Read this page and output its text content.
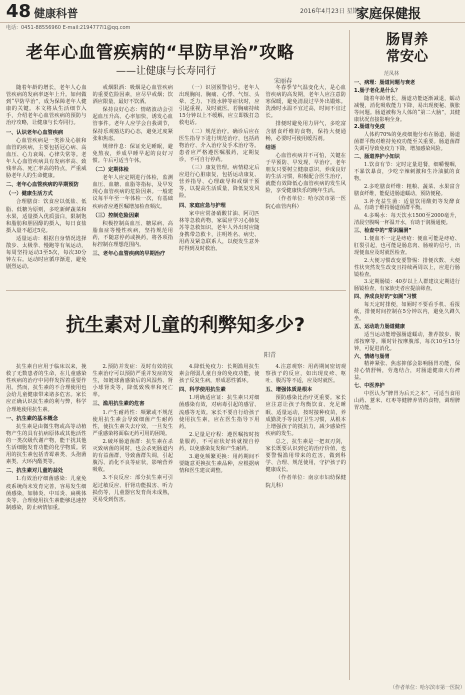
48 健康科普	2016年4月23日 星期五
家庭保健报
电话：0451-88556960 E-mail:2194777l1@qq.com
老年心血管疾病的“早防早治”攻略
——让健康与长寿同行
宋丽春

随着年龄的增长，老年人心血管疾病的发病率逐年上升。如何做到“早防早治”，成为保障老年人健康的关键。本文将从生活细节入手，介绍老年心血管疾病的预防与治疗攻略，让健康与长寿同行。

一、认识老年心血管疾病

心血管疾病是一类涉及心脏和血管的疾病，主要包括冠心病、高血压、心力衰竭、心律失常等。老年人心血管疾病具有发病率高、致残率高、死亡率高的特点，严重威胁老年人的生命健康。

二、老年心血管疾病的早期预防

（一）健康生活方式

合理膳食：饮食应以低盐、低脂、低糖为原则，多吃新鲜蔬菜和水果，适量摄入优质蛋白，限制饱和脂肪和胆固醇的摄入，每日食盐摄入量不超过5克。

适量运动：根据自身情况选择散步、太极拳、慢跑等有氧运动，每周坚持运动3至5次，每次30分钟左右。运动时应循序渐进，避免剧烈运动。

戒烟限酒：吸烟是心血管疾病的重要危险因素，应尽早戒烟；饮酒应限量，最好不饮酒。

保持良好心态：情绪波动会引起血压升高、心率加快，诱发心血管事件。老年人应学会自我调节，保持乐观豁达的心态，避免过度紧张和焦虑。

规律作息：保证充足睡眠，避免熬夜，养成早睡早起的良好习惯。午后可适当午休。

（二）定期体检

老年人应定期进行体检，监测血压、血糖、血脂等指标，及早发现心血管疾病的危险因素。一般建议每半年至一年体检一次，有基础疾病者应遵医嘱增加检查频次。

（三）控制危险因素

积极控制高血压、糖尿病、高脂血症等慢性疾病，坚持规范用药，不随意停药或换药，将各项指标控制在理想范围内。

三、老年心血管疾病的早期治疗

（一）识别预警信号。老年人出现胸闷、胸痛、心悸、气短、头晕、乏力、下肢水肿等症状时，应引起重视，及时就医。若胸痛持续15分钟以上不缓解，应立即拨打急救电话。

（二）规范治疗。确诊后应在医生指导下进行规范治疗，包括药物治疗、介入治疗及手术治疗等。患者应严格遵医嘱服药，定期复诊，不可自行停药。

（三）康复管理。病情稳定后应进行心脏康复，包括运动康复、营养指导、心理疏导和戒烟干预等，以提高生活质量，降低复发风险。

四、家庭应急与护理

家中应常备硝酸甘油、阿司匹林等急救药物，家属应学习心肺复苏等急救知识。老年人外出时应随身携带急救卡，注明姓名、病史、用药及紧急联系人，以便发生意外时得到及时救治。

冬春季节气温变化大，是心血管疾病的高发期，老年人应注意防寒保暖，避免清晨过早外出锻炼。洗澡时水温不宜过高，时间不宜过长。

排便时避免用力屏气，多吃富含膳食纤维的食物，保持大便通畅，必要时可使用缓泻剂。

结语

心血管疾病并不可怕，关键在于早预防、早发现、早治疗。老年朋友只要树立健康意识，养成良好的生活习惯，积极配合医生治疗，就能有效降低心血管疾病的发生风险，享受健康快乐的晚年生活。

（作者单位：哈尔滨市第一医院心血管内科）

抗生素对儿童的利弊知多少?
阳青

抗生素自应用于临床以来，挽救了无数患者的生命，在儿童感染性疾病的治疗中同样发挥着重要作用。然而，抗生素的不合理使用也会给儿童健康带来诸多危害。家长应正确认识抗生素的利与弊，科学合理地使用抗生素。

一、抗生素的基本概念

抗生素是由微生物或高等动植物产生的具有抗病原体或其他活性的一类次级代谢产物，能干扰其他生活细胞发育功能的化学物质。常用的抗生素包括青霉素类、头孢菌素类、大环内酯类等。

二、抗生素对儿童的益处

1.有效治疗细菌感染：儿童免疫系统尚未发育完善，容易发生细菌感染，如肺炎、中耳炎、扁桃体炎等。合理使用抗生素能够迅速控制感染，防止病情加重。

2.预防并发症：及时有效的抗生素治疗可以预防严重并发症的发生，如链球菌感染后的风湿热、肾小球肾炎等，降低致残率和死亡率。

三、滥用抗生素的危害

1.产生耐药性：频繁或不规范使用抗生素会导致细菌产生耐药性，使抗生素失去疗效，一旦发生严重感染将面临无药可用的困境。

2.破坏肠道菌群：抗生素在杀灭致病菌的同时，也会杀死肠道内的有益菌群，导致菌群失调，引起腹泻、消化不良等症状，影响营养吸收。

3.不良反应：部分抗生素可引起过敏反应、肝肾功能损害、听力损伤等，儿童器官发育尚未成熟，更易受到伤害。

4.降低免疫力：长期滥用抗生素会削弱儿童自身的免疫功能，使孩子反复生病，形成恶性循环。

四、科学使用抗生素

1.明确适应证：抗生素只对细菌感染有效，对病毒引起的感冒、流感等无效。家长不要自行给孩子使用抗生素，应在医生指导下用药。

2.足量足疗程：遵医嘱按时按量服药，不可症状好转就擅自停药，以免感染复发和产生耐药。

3.避免频繁更换：用药期间不要随意更换抗生素品种，应根据病情和医生建议调整。

4.注意观察：用药期间密切观察孩子的反应，如出现皮疹、呕吐、腹泻等不适，应及时就医。

五、增强体质是根本

预防感染比治疗更重要。家长应注意让孩子均衡饮食、充足睡眠、适量运动，按时接种疫苗，养成勤洗手等良好卫生习惯，从根本上增强孩子的抵抗力，减少感染性疾病的发生。

总之，抗生素是一把双刃剑，家长既要认识到它的治疗价值，也要警惕滥用带来的危害，做到科学、合理、规范使用，守护孩子的健康成长。

（作者单位：南京市妇幼保健院儿科）

肠胃养
常安心
范凤林

一、病理：肠道问题与衰老

1.肠子老化是什么？

随着年龄增长，肠道功能逐渐减退，蠕动减慢，消化吸收能力下降，易出现便秘、腹胀等问题。肠道被称为人体的“第二大脑”，其健康状况直接影响全身。

2.肠道与免疫

人体约70%的免疫细胞分布在肠道，肠道菌群平衡对维持免疫功能至关重要。肠道菌群失调可导致免疫力下降，增加感染风险。

二、肠道养护小知识

1.饮食有节：定时定量进餐，细嚼慢咽，不暴饮暴食，少吃辛辣刺激和生冷油腻的食物。

2.多吃膳食纤维：粗粮、蔬菜、水果富含膳食纤维，能促进肠道蠕动，预防便秘。

3.补充益生菌：适量饮用酸奶等发酵食品，有助于维持肠道菌群平衡。

4.多喝水：每天饮水1500至2000毫升，清晨空腹喝一杯温开水，有助于润肠通便。

三、检查中的“常识漏洞”

1.便血不一定是痔疮：便血可能是痔疮、肛裂引起，也可能是肠息肉、肠癌的信号，出现便血应及时就医检查。

2.大便习惯改变要警惕：排便次数、大便性状突然发生改变且持续两周以上，应进行肠镜检查。

3.定期肠镜：40岁以上人群建议定期进行肠镜检查，有家族史者应提前筛查。

四、养成良好的“如厕”习惯

每天定时排便，如厕时不要看手机、看报纸，排便时间控制在5分钟以内，避免久蹲久坐。

五、运动助力肠道健康

适当运动能增强肠道蠕动，推荐散步、腹部按摩等。顺时针按摩腹部，每次10至15分钟，可促进消化。

六、情绪与肠胃

精神紧张、焦虑抑郁会影响肠胃功能，保持心情舒畅，劳逸结合，对肠道健康大有裨益。

七、中医养护

中医认为“脾胃为后天之本”，可适当食用山药、薏米、红枣等健脾养胃的食物，调理脾胃功能。

（作者单位：哈尔滨市第一医院）
